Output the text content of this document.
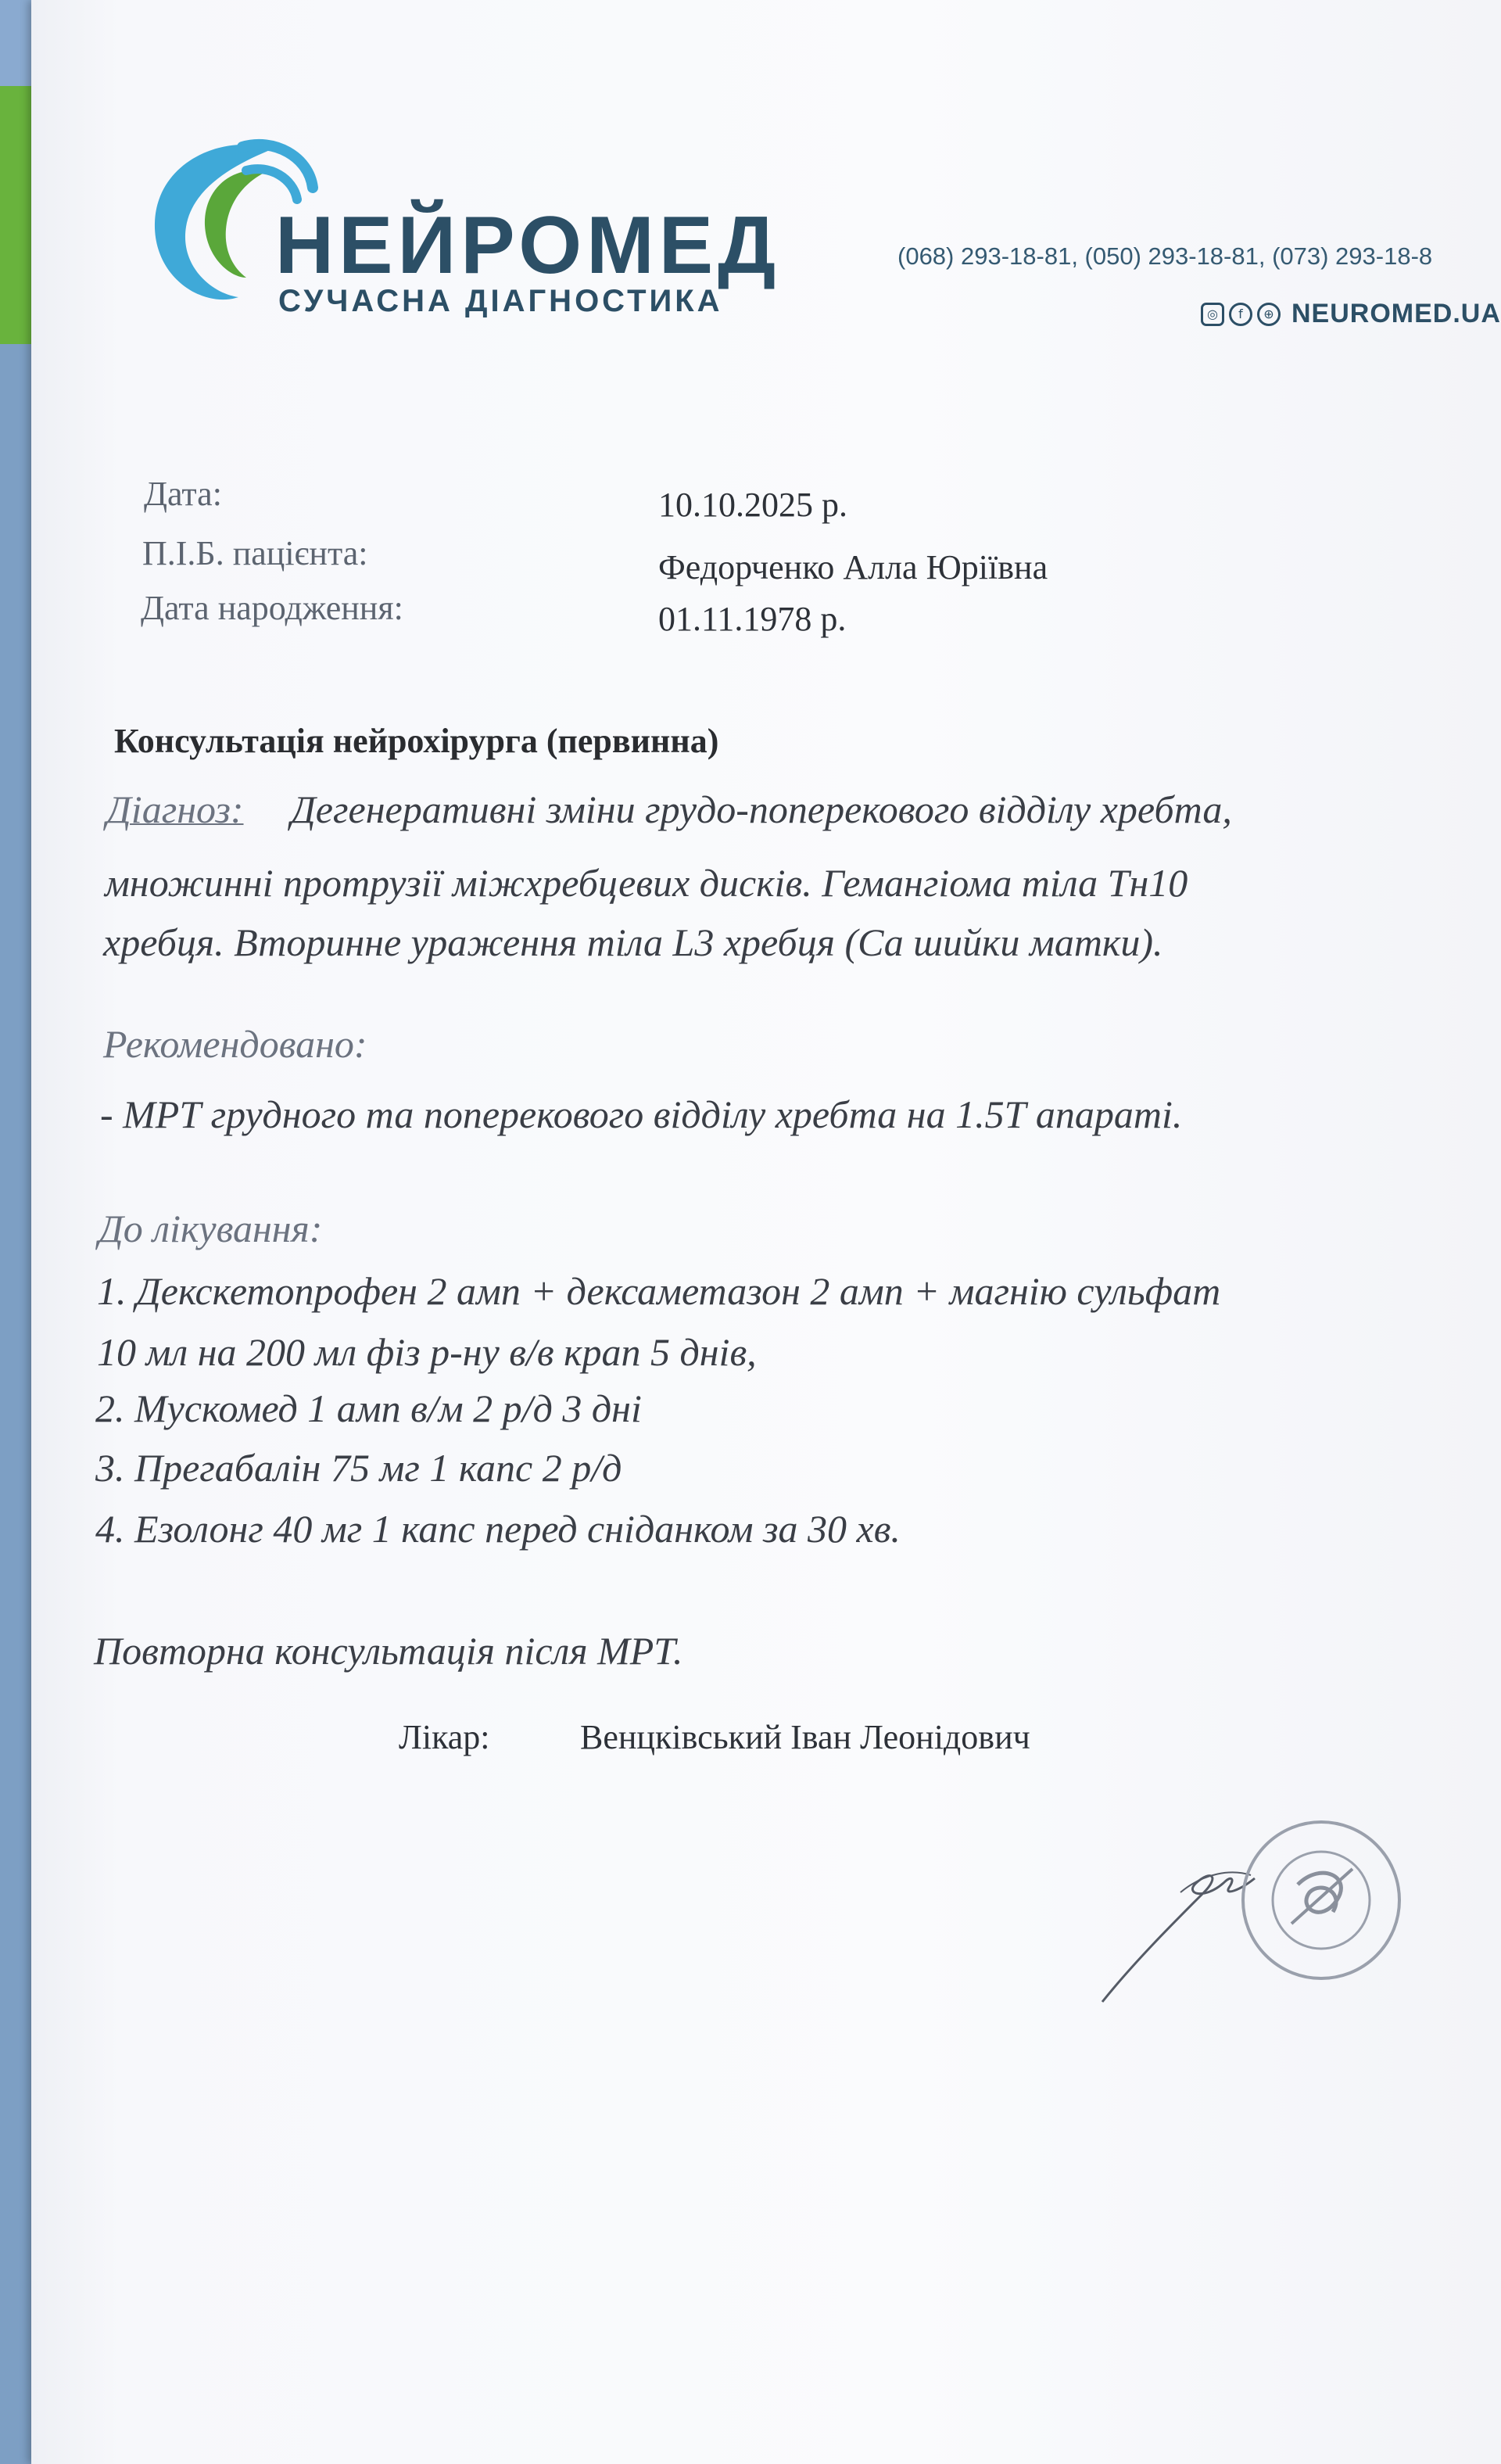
НЕЙРОМЕД
СУЧАСНА ДІАГНОСТИКА
(068) 293-18-81, (050) 293-18-81, (073) 293-18-8
◎	f	⊕ NEUROMED.UA
Дата:	10.10.2025 р.
П.І.Б. пацієнта:	Федорченко Алла Юріївна
Дата народження:	01.11.1978 р.
Консультація нейрохірурга (первинна)
Діагноз: Дегенеративні зміни грудо-поперекового відділу хребта,
множинні протрузії міжхребцевих дисків. Гемангіома тіла Тн10
хребця. Вторинне ураження тіла L3 хребця (Са шийки матки).
Рекомендовано:
- МРТ грудного та поперекового відділу хребта на 1.5Т апараті.
До лікування:
1. Декскетопрофен 2 амп + дексаметазон 2 амп + магнію сульфат
10 мл на 200 мл фіз р-ну в/в крап 5 днів,
2. Мускомед 1 амп в/м 2 р/д 3 дні
3. Прегабалін 75 мг 1 капс 2 р/д
4. Езолонг 40 мг 1 капс перед сніданком за 30 хв.
Повторна консультація після МРТ.
Лікар:	Венцківський Іван Леонідович
